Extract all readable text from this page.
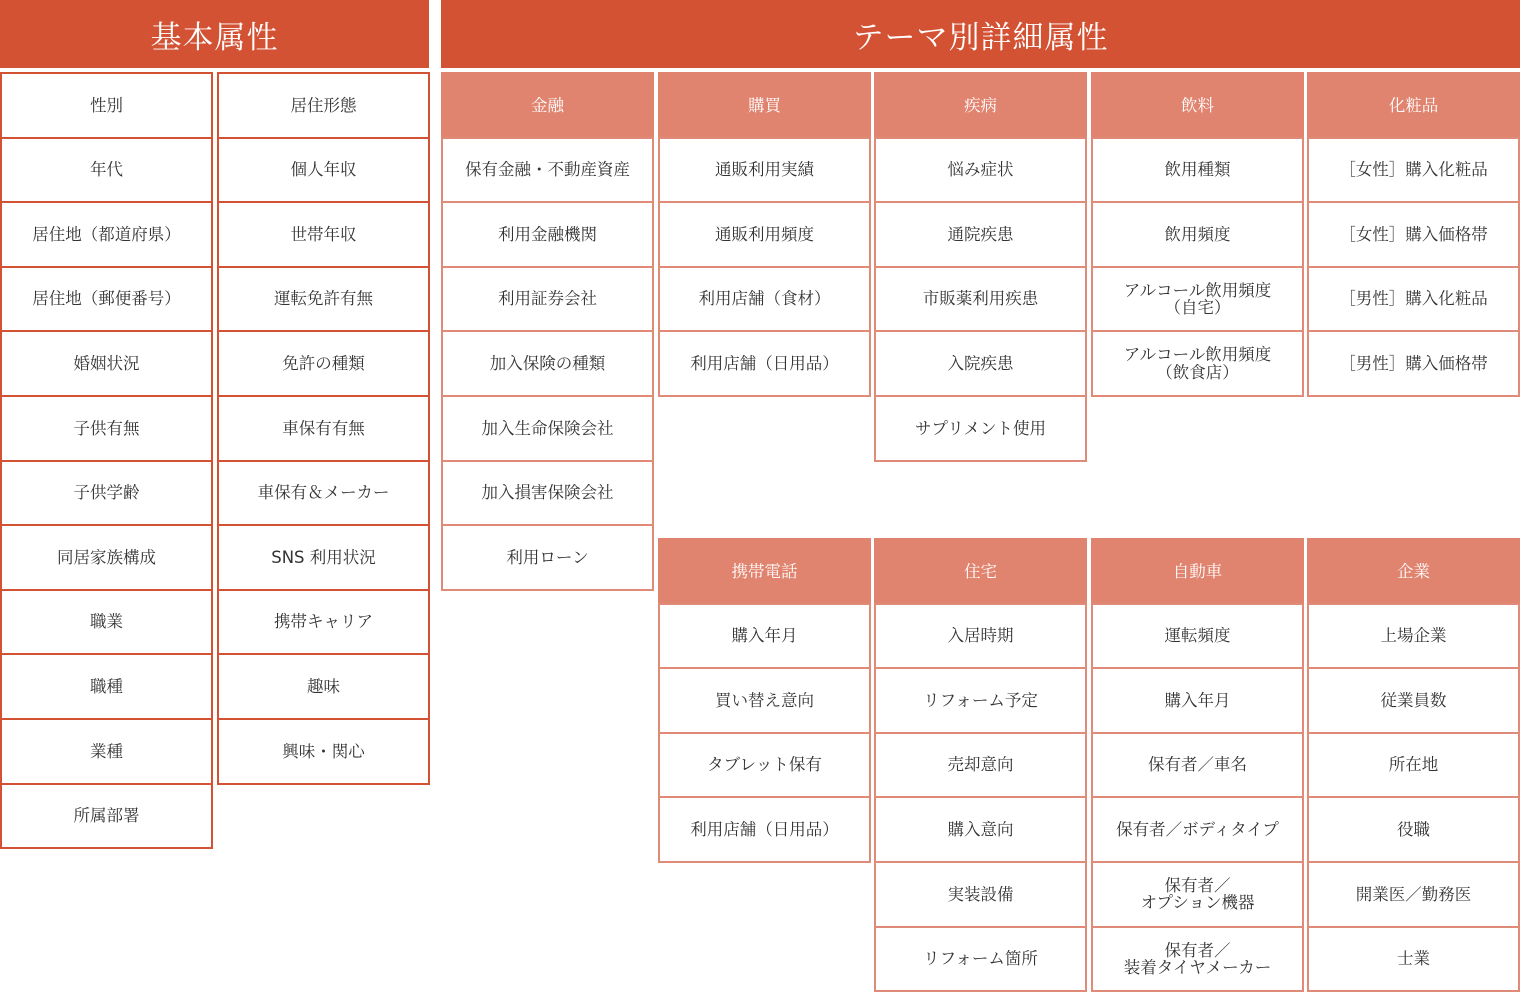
基本属性	テーマ別詳細属性
性別
年代
居住地（都道府県）
居住地（郵便番号）
婚姻状況
子供有無
子供学齢
同居家族構成
職業
職種
業種
所属部署
居住形態
個人年収
世帯年収
運転免許有無
免許の種類
車保有有無
車保有＆メーカー
SNS 利用状況
携帯キャリア
趣味
興味・関心
金融
保有金融・不動産資産
利用金融機関
利用証券会社
加入保険の種類
加入生命保険会社
加入損害保険会社
利用ローン
購買
通販利用実績
通販利用頻度
利用店舗（食材）
利用店舗（日用品）
疾病
悩み症状
通院疾患
市販薬利用疾患
入院疾患
サプリメント使用
飲料
飲用種類
飲用頻度
アルコール飲用頻度
（自宅）
アルコール飲用頻度
（飲食店）
化粧品
［女性］購入化粧品
［女性］購入価格帯
［男性］購入化粧品
［男性］購入価格帯
携帯電話
購入年月
買い替え意向
タブレット保有
利用店舗（日用品）
住宅
入居時期
リフォーム予定
売却意向
購入意向
実装設備
リフォーム箇所
自動車
運転頻度
購入年月
保有者／車名
保有者／ボディタイプ
保有者／
オプション機器
保有者／
装着タイヤメーカー
企業
上場企業
従業員数
所在地
役職
開業医／勤務医
士業
